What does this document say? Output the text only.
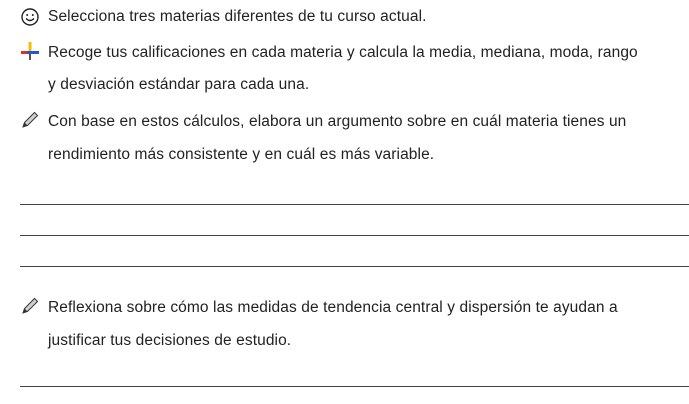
Selecciona tres materias diferentes de tu curso actual.
Recoge tus calificaciones en cada materia y calcula la media, mediana, moda, rango
y desviación estándar para cada una.
Con base en estos cálculos, elabora un argumento sobre en cuál materia tienes un
rendimiento más consistente y en cuál es más variable.
Reflexiona sobre cómo las medidas de tendencia central y dispersión te ayudan a
justificar tus decisiones de estudio.
